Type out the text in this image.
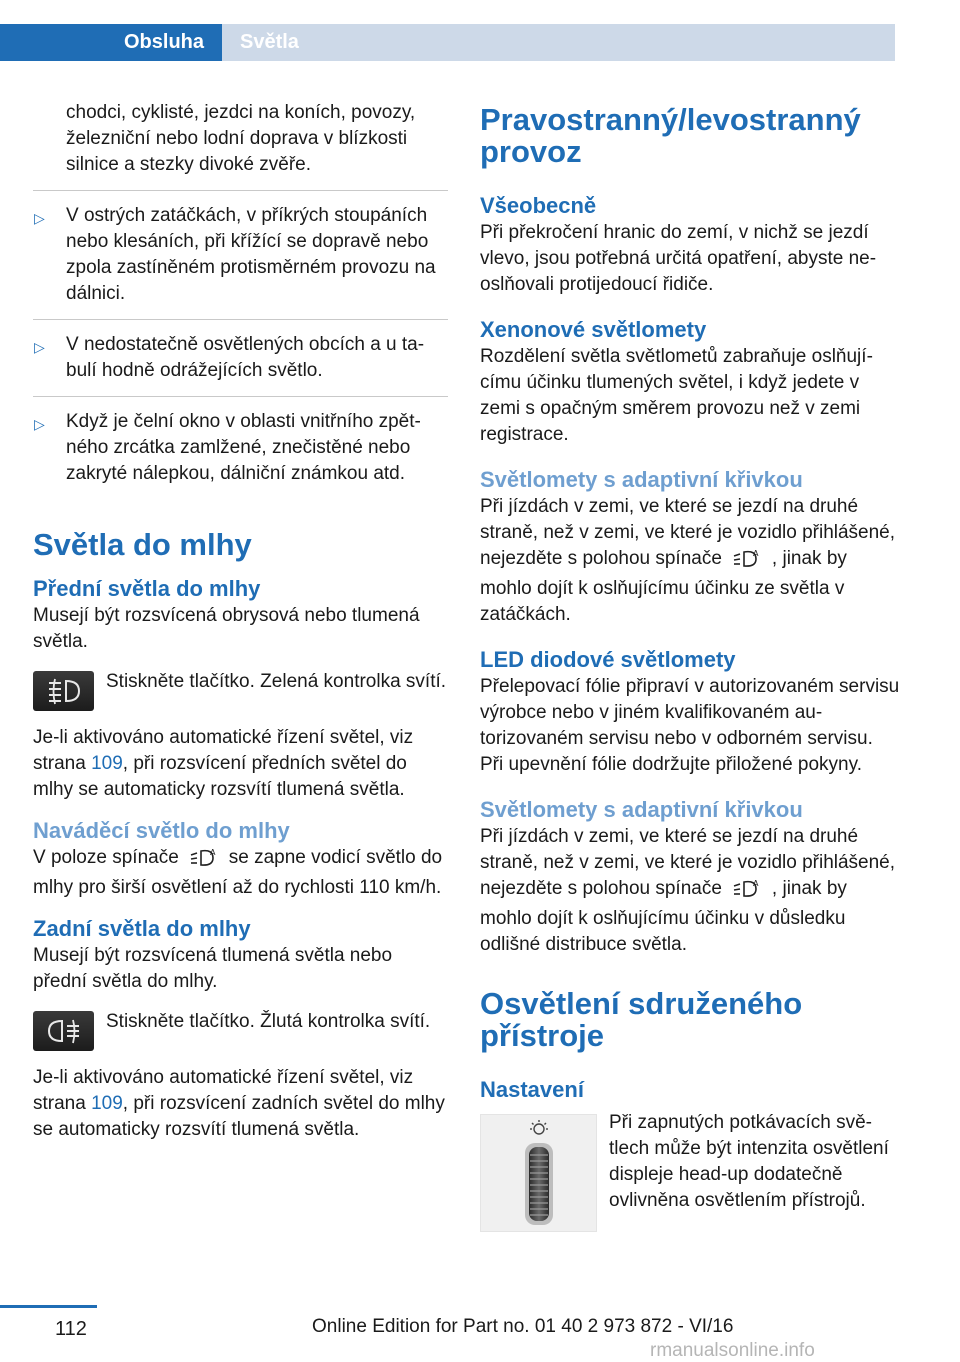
Obsluha	Světla

chodci, cyklisté, jezdci na koních, povozy, železniční nebo lodní doprava v blízkosti silnice a stezky divoké zvěře.

▷ V ostrých zatáčkách, v příkrých stoupáních nebo klesáních, při křížící se dopravě nebo zpola zastíněném protisměrném provozu na dálnici.
▷ V nedostatečně osvětlených obcích a u tabulí hodně odrážejících světlo.
▷ Když je čelní okno v oblasti vnitřního zpětného zrcátka zamlžené, znečistěné nebo zakryté nálepkou, dálniční známkou atd.
Světla do mlhy
Přední světla do mlhy

Musejí být rozsvícená obrysová nebo tlumená světla.

Stiskněte tlačítko. Zelená kontrolka svítí.

Je-li aktivováno automatické řízení světel, viz strana 109, při rozsvícení předních světel do mlhy se automaticky rozsvítí tlumená světla.

Naváděcí světlo do mlhy

V poloze spínače	A se zapne vodicí světlo do mlhy pro širší osvětlení až do rychlosti 110 km/h.

Zadní světla do mlhy

Musejí být rozsvícená tlumená světla nebo přední světla do mlhy.

Stiskněte tlačítko. Žlutá kontrolka svítí.

Je-li aktivováno automatické řízení světel, viz strana 109, při rozsvícení zadních světel do mlhy se automaticky rozsvítí tlumená světla.

Pravostranný/levostranný provoz
Všeobecně

Při překročení hranic do zemí, v nichž se jezdí vlevo, jsou potřebná určitá opatření, abyste neoslňovali protijedoucí řidiče.

Xenonové světlomety

Rozdělení světla světlometů zabraňuje oslňujícímu účinku tlumených světel, i když jedete v zemi s opačným směrem provozu než v zemi registrace.

Světlomety s adaptivní křivkou

Při jízdách v zemi, ve které se jezdí na druhé straně, než v zemi, ve které je vozidlo přihlášené, nejezděte s polohou spínače	A , jinak by mohlo dojít k oslňujícímu účinku ze světla v zatáčkách.

LED diodové světlomety

Přelepovací fólie připraví v autorizovaném servisu výrobce nebo v jiném kvalifikovaném autorizovaném servisu nebo v odborném servisu. Při upevnění fólie dodržujte přiložené pokyny.

Světlomety s adaptivní křivkou

Při jízdách v zemi, ve které se jezdí na druhé straně, než v zemi, ve které je vozidlo přihlášené, nejezděte s polohou spínače	A , jinak by mohlo dojít k oslňujícímu účinku v důsledku odlišné distribuce světla.

Osvětlení sdruženého přístroje
Nastavení

Při zapnutých potkávacích světlech může být intenzita osvětlení displeje head-up dodatečně ovlivněna osvětlením přístrojů.

112	Online Edition for Part no. 01 40 2 973 872 - VI/16
rmanualsonline.info
